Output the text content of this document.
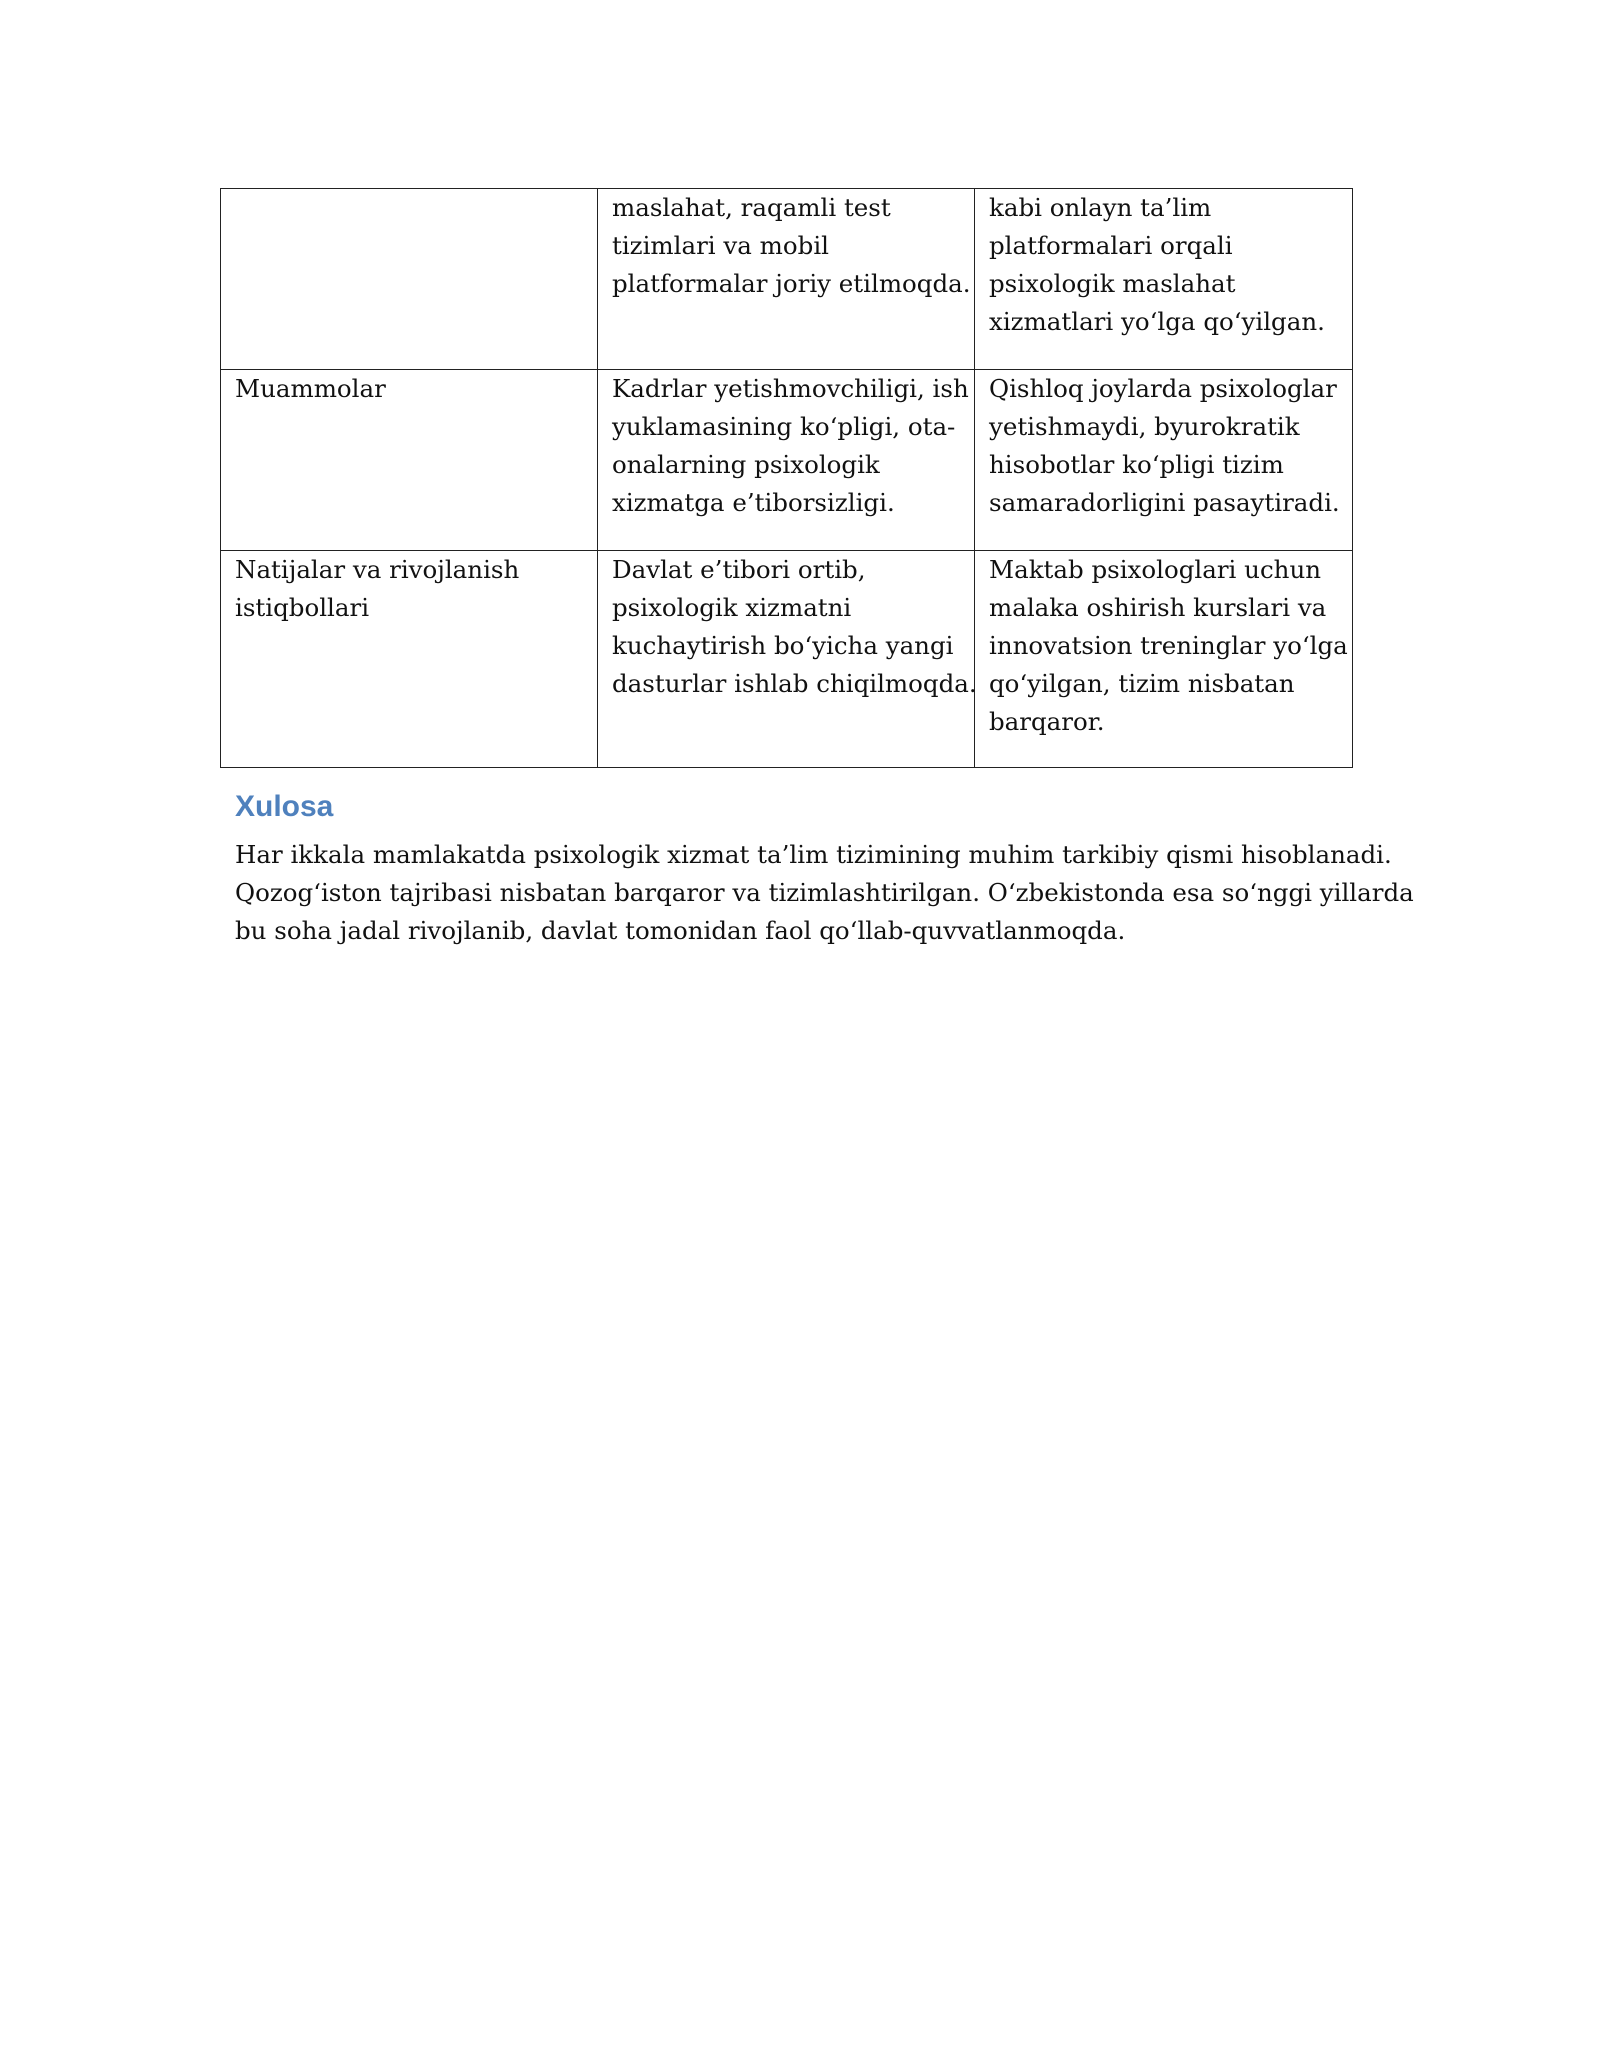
	maslahat, raqamli test
tizimlari va mobil
platformalar joriy etilmoqda.	kabi onlayn ta’lim
platformalari orqali
psixologik maslahat
xizmatlari yo‘lga qo‘yilgan.

Muammolar	Kadrlar yetishmovchiligi, ish
yuklamasining ko‘pligi, ota-
onalarning psixologik
xizmatga e’tiborsizligi.	Qishloq joylarda psixologlar
yetishmaydi, byurokratik
hisobotlar ko‘pligi tizim
samaradorligini pasaytiradi.

Natijalar va rivojlanish
istiqbollari	Davlat e’tibori ortib,
psixologik xizmatni
kuchaytirish bo‘yicha yangi
dasturlar ishlab chiqilmoqda.	Maktab psixologlari uchun
malaka oshirish kurslari va
innovatsion treninglar yo‘lga
qo‘yilgan, tizim nisbatan
barqaror.
Xulosa

Har ikkala mamlakatda psixologik xizmat ta’lim tizimining muhim tarkibiy qismi hisoblanadi.
Qozog‘iston tajribasi nisbatan barqaror va tizimlashtirilgan. O‘zbekistonda esa so‘nggi yillarda
bu soha jadal rivojlanib, davlat tomonidan faol qo‘llab-quvvatlanmoqda.
